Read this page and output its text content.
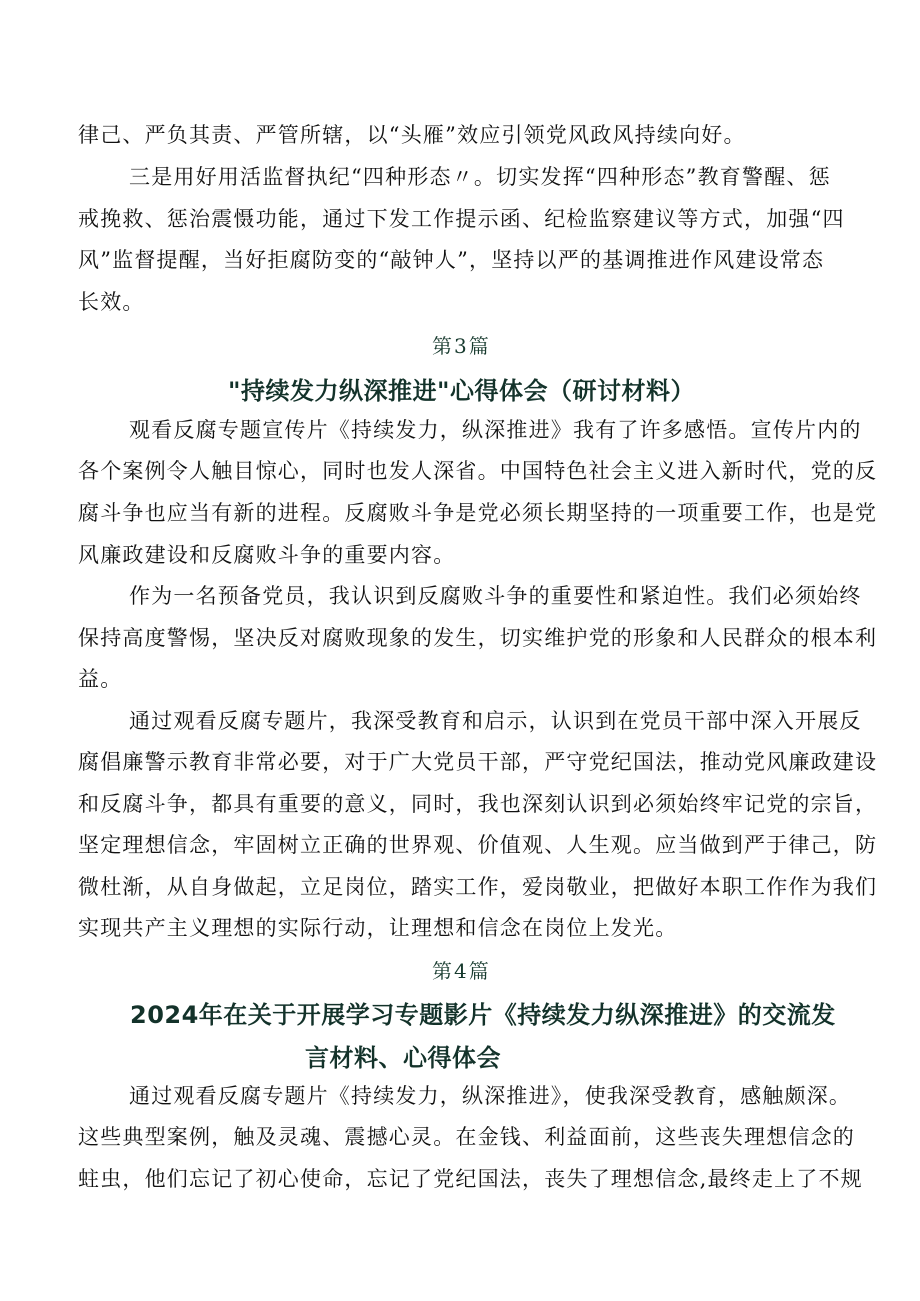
律己、严负其责、严管所辖，以“头雁”效应引领党风政风持续向好。
三是用好用活监督执纪“四种形态〃。切实发挥“四种形态”教育警醒、惩
戒挽救、惩治震慑功能，通过下发工作提示函、纪检监察建议等方式，加强“四
风”监督提醒，当好拒腐防变的“敲钟人”，坚持以严的基调推进作风建设常态
长效。
第3篇
"持续发力纵深推进"心得体会（研讨材料）
观看反腐专题宣传片《持续发力，纵深推进》我有了许多感悟。宣传片内的
各个案例令人触目惊心，同时也发人深省。中国特色社会主义进入新时代，党的反
腐斗争也应当有新的进程。反腐败斗争是党必须长期坚持的一项重要工作，也是党
风廉政建设和反腐败斗争的重要内容。
作为一名预备党员，我认识到反腐败斗争的重要性和紧迫性。我们必须始终
保持高度警惕，坚决反对腐败现象的发生，切实维护党的形象和人民群众的根本利
益。
通过观看反腐专题片，我深受教育和启示，认识到在党员干部中深入开展反
腐倡廉警示教育非常必要，对于广大党员干部，严守党纪国法，推动党风廉政建设
和反腐斗争，都具有重要的意义，同时，我也深刻认识到必须始终牢记党的宗旨，
坚定理想信念，牢固树立正确的世界观、价值观、人生观。应当做到严于律己，防
微杜渐，从自身做起，立足岗位，踏实工作，爱岗敬业，把做好本职工作作为我们
实现共产主义理想的实际行动，让理想和信念在岗位上发光。
第4篇
2024年在关于开展学习专题影片《持续发力纵深推进》的交流发
言材料、心得体会
通过观看反腐专题片《持续发力，纵深推进》，使我深受教育，感触颇深。
这些典型案例，触及灵魂、震撼心灵。在金钱、利益面前，这些丧失理想信念的
蛀虫，他们忘记了初心使命，忘记了党纪国法，丧失了理想信念,最终走上了不规
